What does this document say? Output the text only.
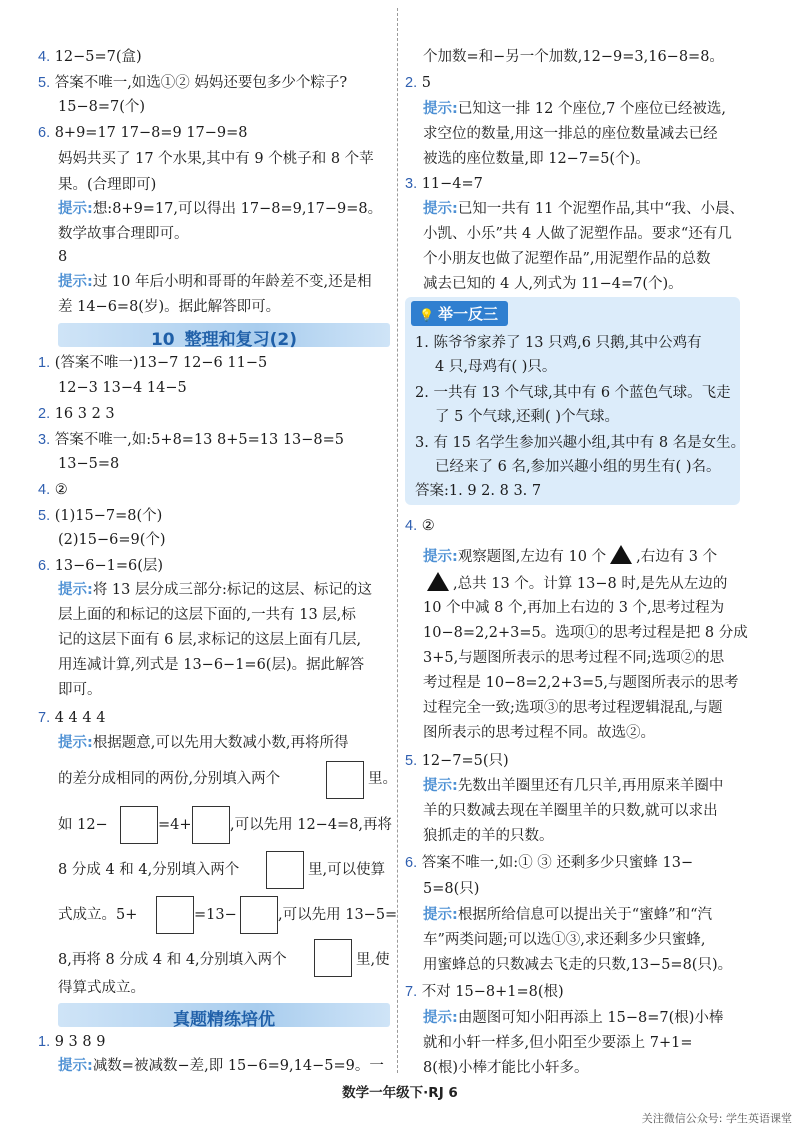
4. 12−5=7(盒)
5. 答案不唯一,如选①② 妈妈还要包多少个粽子?
15−8=7(个)
6. 8+9=17 17−8=9 17−9=8
妈妈共买了 17 个水果,其中有 9 个桃子和 8 个苹
果。(合理即可)
提示:想:8+9=17,可以得出 17−8=9,17−9=8。
数学故事合理即可。
8
提示:过 10 年后小明和哥哥的年龄差不变,还是相
差 14−6=8(岁)。据此解答即可。
10 整理和复习(2)
1. (答案不唯一)13−7 12−6 11−5
12−3 13−4 14−5
2. 16 3 2 3
3. 答案不唯一,如:5+8=13 8+5=13 13−8=5
13−5=8
4. ②
5. (1)15−7=8(个)
(2)15−6=9(个)
6. 13−6−1=6(层)
提示:将 13 层分成三部分:标记的这层、标记的这
层上面的和标记的这层下面的,一共有 13 层,标
记的这层下面有 6 层,求标记的这层上面有几层,
用连减计算,列式是 13−6−1=6(层)。据此解答
即可。
7. 4 4 4 4
提示:根据题意,可以先用大数减小数,再将所得
的差分成相同的两份,分别填入两个	里。
如 12−	=4+	,可以先用 12−4=8,再将
8 分成 4 和 4,分别填入两个	里,可以使算
式成立。5+	=13−	,可以先用 13−5=
8,再将 8 分成 4 和 4,分别填入两个	里,使
得算式成立。
真题精练培优
1. 9 3 8 9
提示:减数=被减数−差,即 15−6=9,14−5=9。一
个加数=和−另一个加数,12−9=3,16−8=8。
2. 5
提示:已知这一排 12 个座位,7 个座位已经被选,
求空位的数量,用这一排总的座位数量减去已经
被选的座位数量,即 12−7=5(个)。
3. 11−4=7
提示:已知一共有 11 个泥塑作品,其中“我、小晨、
小凯、小乐”共 4 人做了泥塑作品。要求“还有几
个小朋友也做了泥塑作品”,用泥塑作品的总数
减去已知的 4 人,列式为 11−4=7(个)。
💡 举一反三
1. 陈爷爷家养了 13 只鸡,6 只鹅,其中公鸡有
4 只,母鸡有( )只。
2. 一共有 13 个气球,其中有 6 个蓝色气球。飞走
了 5 个气球,还剩( )个气球。
3. 有 15 名学生参加兴趣小组,其中有 8 名是女生。
已经来了 6 名,参加兴趣小组的男生有( )名。
答案:1. 9 2. 8 3. 7
4. ②
提示:观察题图,左边有 10 个 ,右边有 3 个
,总共 13 个。计算 13−8 时,是先从左边的
10 个中减 8 个,再加上右边的 3 个,思考过程为
10−8=2,2+3=5。选项①的思考过程是把 8 分成
3+5,与题图所表示的思考过程不同;选项②的思
考过程是 10−8=2,2+3=5,与题图所表示的思考
过程完全一致;选项③的思考过程逻辑混乱,与题
图所表示的思考过程不同。故选②。
5. 12−7=5(只)
提示:先数出羊圈里还有几只羊,再用原来羊圈中
羊的只数减去现在羊圈里羊的只数,就可以求出
狼抓走的羊的只数。
6. 答案不唯一,如:① ③ 还剩多少只蜜蜂 13−
5=8(只)
提示:根据所给信息可以提出关于“蜜蜂”和“汽
车”两类问题;可以选①③,求还剩多少只蜜蜂,
用蜜蜂总的只数减去飞走的只数,13−5=8(只)。
7. 不对 15−8+1=8(根)
提示:由题图可知小阳再添上 15−8=7(根)小棒
就和小轩一样多,但小阳至少要添上 7+1=
8(根)小棒才能比小轩多。
数学一年级下·RJ 6
关注微信公众号: 学生英语课堂
